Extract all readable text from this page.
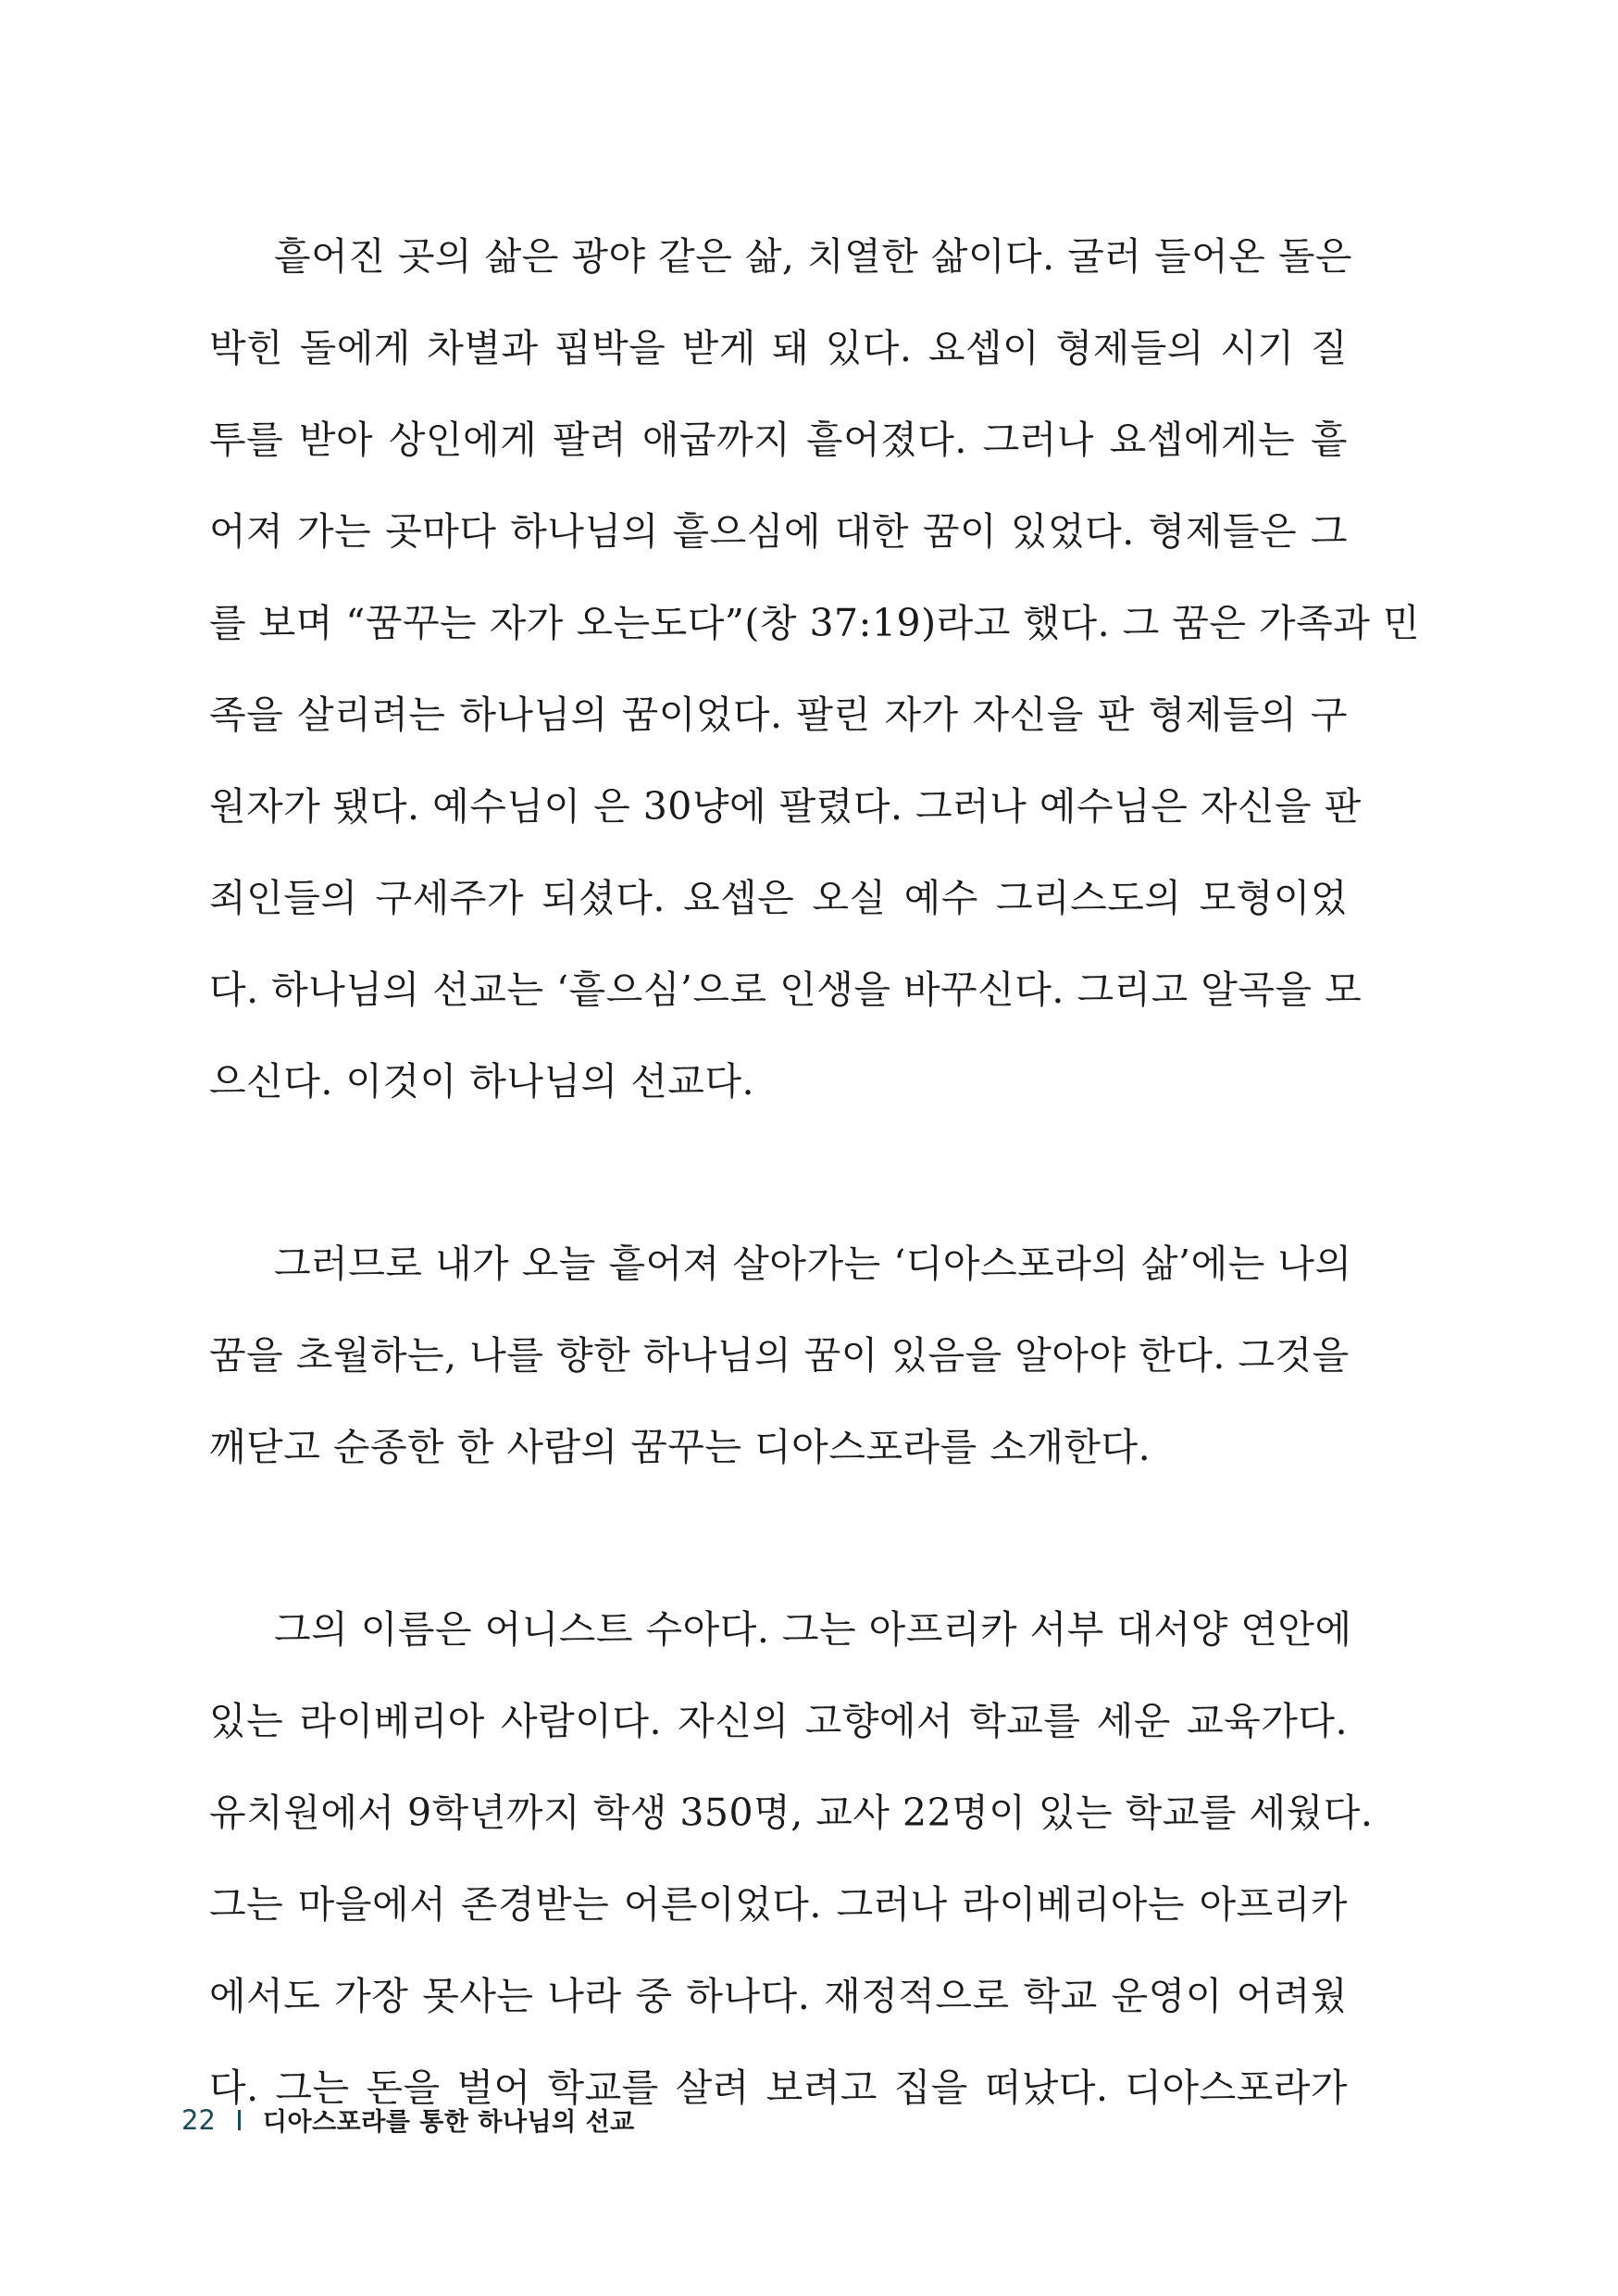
흩어진 곳의 삶은 광야 같은 삶, 치열한 삶이다. 굴러 들어온 돌은
박힌 돌에게 차별과 핍박을 받게 돼 있다. 요셉이 형제들의 시기 질
투를 받아 상인에게 팔려 애굽까지 흩어졌다. 그러나 요셉에게는 흩
어져 가는 곳마다 하나님의 흩으심에 대한 꿈이 있었다. 형제들은 그
를 보며 “꿈꾸는 자가 오는도다”(창 37:19)라고 했다. 그 꿈은 가족과 민
족을 살리려는 하나님의 꿈이었다. 팔린 자가 자신을 판 형제들의 구
원자가 됐다. 예수님이 은 30냥에 팔렸다. 그러나 예수님은 자신을 판
죄인들의 구세주가 되셨다. 요셉은 오실 예수 그리스도의 모형이었
다. 하나님의 선교는 ‘흩으심’으로 인생을 바꾸신다. 그리고 알곡을 모
으신다. 이것이 하나님의 선교다.

그러므로 내가 오늘 흩어져 살아가는 ‘디아스포라의 삶’에는 나의
꿈을 초월하는, 나를 향한 하나님의 꿈이 있음을 알아야 한다. 그것을
깨닫고 순종한 한 사람의 꿈꾸는 디아스포라를 소개한다.

그의 이름은 어니스트 수아다. 그는 아프리카 서부 대서양 연안에
있는 라이베리아 사람이다. 자신의 고향에서 학교를 세운 교육가다.
유치원에서 9학년까지 학생 350명, 교사 22명이 있는 학교를 세웠다.
그는 마을에서 존경받는 어른이었다. 그러나 라이베리아는 아프리카
에서도 가장 못사는 나라 중 하나다. 재정적으로 학교 운영이 어려웠
다. 그는 돈을 벌어 학교를 살려 보려고 집을 떠났다. 디아스포라가

22 디아스포라를 통한 하나님의 선교
